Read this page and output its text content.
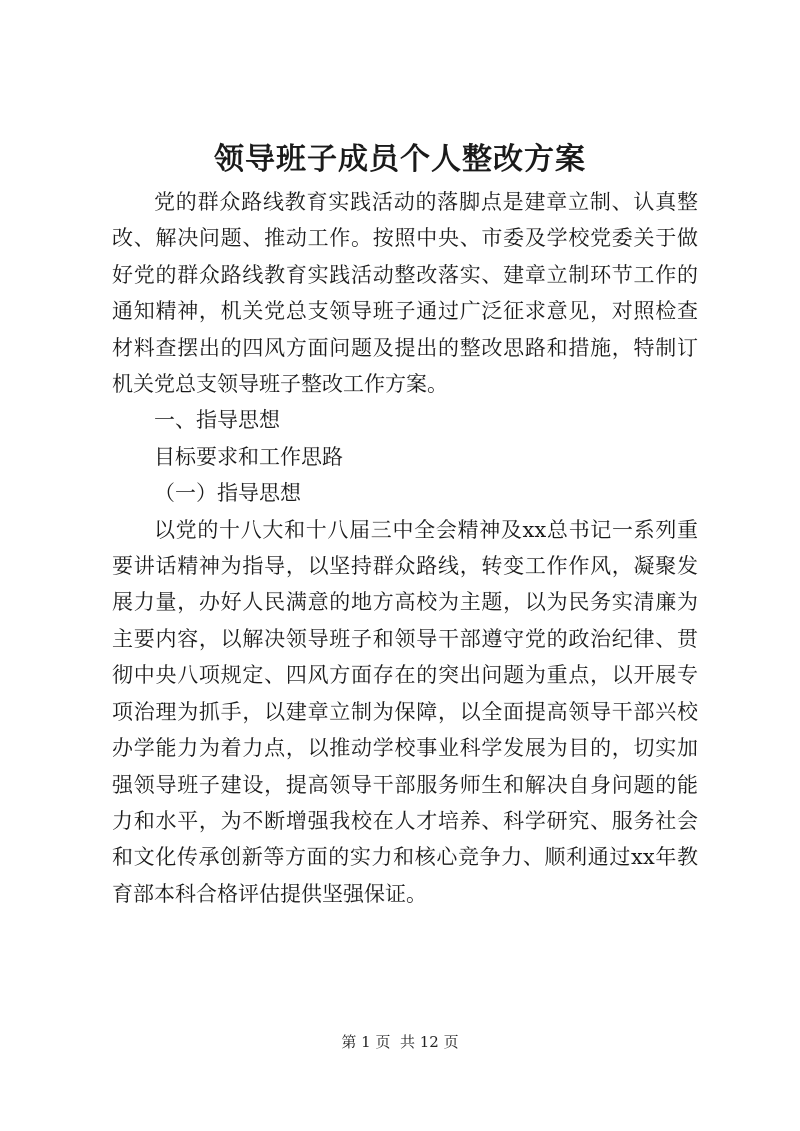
领导班子成员个人整改方案

党的群众路线教育实践活动的落脚点是建章立制、认真整改、解决问题、推动工作。按照中央、市委及学校党委关于做好党的群众路线教育实践活动整改落实、建章立制环节工作的通知精神，机关党总支领导班子通过广泛征求意见，对照检查材料查摆出的四风方面问题及提出的整改思路和措施，特制订机关党总支领导班子整改工作方案。

一、指导思想

目标要求和工作思路

（一）指导思想

以党的十八大和十八届三中全会精神及xx总书记一系列重要讲话精神为指导，以坚持群众路线，转变工作作风，凝聚发展力量，办好人民满意的地方高校为主题，以为民务实清廉为主要内容，以解决领导班子和领导干部遵守党的政治纪律、贯彻中央八项规定、四风方面存在的突出问题为重点，以开展专项治理为抓手，以建章立制为保障，以全面提高领导干部兴校办学能力为着力点，以推动学校事业科学发展为目的，切实加强领导班子建设，提高领导干部服务师生和解决自身问题的能力和水平，为不断增强我校在人才培养、科学研究、服务社会和文化传承创新等方面的实力和核心竞争力、顺利通过xx年教育部本科合格评估提供坚强保证。

第 1 页  共 12 页
